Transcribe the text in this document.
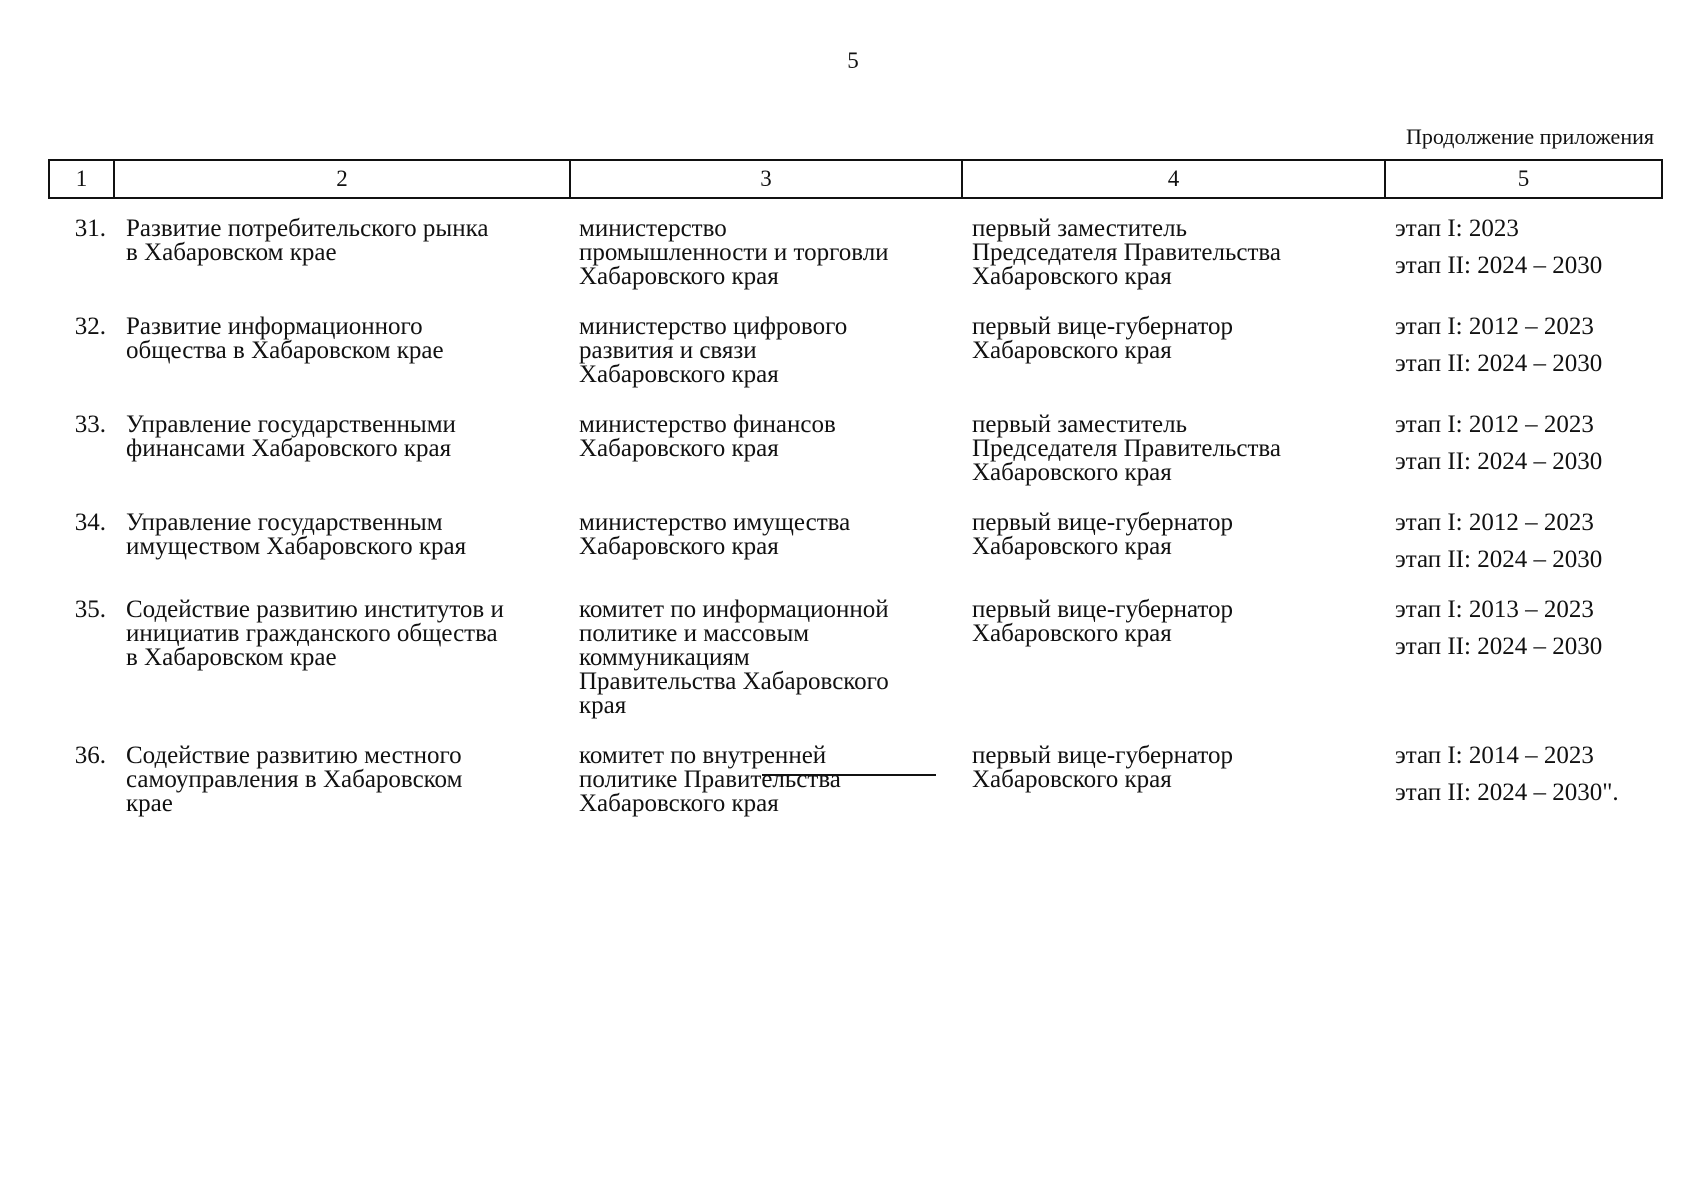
5
Продолжение приложения
1	2	3	4	5
31.	Развитие потребительского рынка
в Хабаровском крае	министерство
промышленности и торговли
Хабаровского края	первый заместитель
Председателя Правительства
Хабаровского края	этап I: 2023
этап II: 2024 – 2030

32.	Развитие информационного
общества в Хабаровском крае	министерство цифрового
развития и связи
Хабаровского края	первый вице-губернатор
Хабаровского края	этап I: 2012 – 2023
этап II: 2024 – 2030

33.	Управление государственными
финансами Хабаровского края	министерство финансов
Хабаровского края	первый заместитель
Председателя Правительства
Хабаровского края	этап I: 2012 – 2023
этап II: 2024 – 2030

34.	Управление государственным
имуществом Хабаровского края	министерство имущества
Хабаровского края	первый вице-губернатор
Хабаровского края	этап I: 2012 – 2023
этап II: 2024 – 2030

35.	Содействие развитию институтов и
инициатив гражданского общества
в Хабаровском крае	комитет по информационной
политике и массовым
коммуникациям
Правительства Хабаровского
края	первый вице-губернатор
Хабаровского края	этап I: 2013 – 2023
этап II: 2024 – 2030

36.	Содействие развитию местного
самоуправления в Хабаровском
крае	комитет по внутренней
политике Правительства
Хабаровского края	первый вице-губернатор
Хабаровского края	этап I: 2014 – 2023
этап II: 2024 – 2030".
